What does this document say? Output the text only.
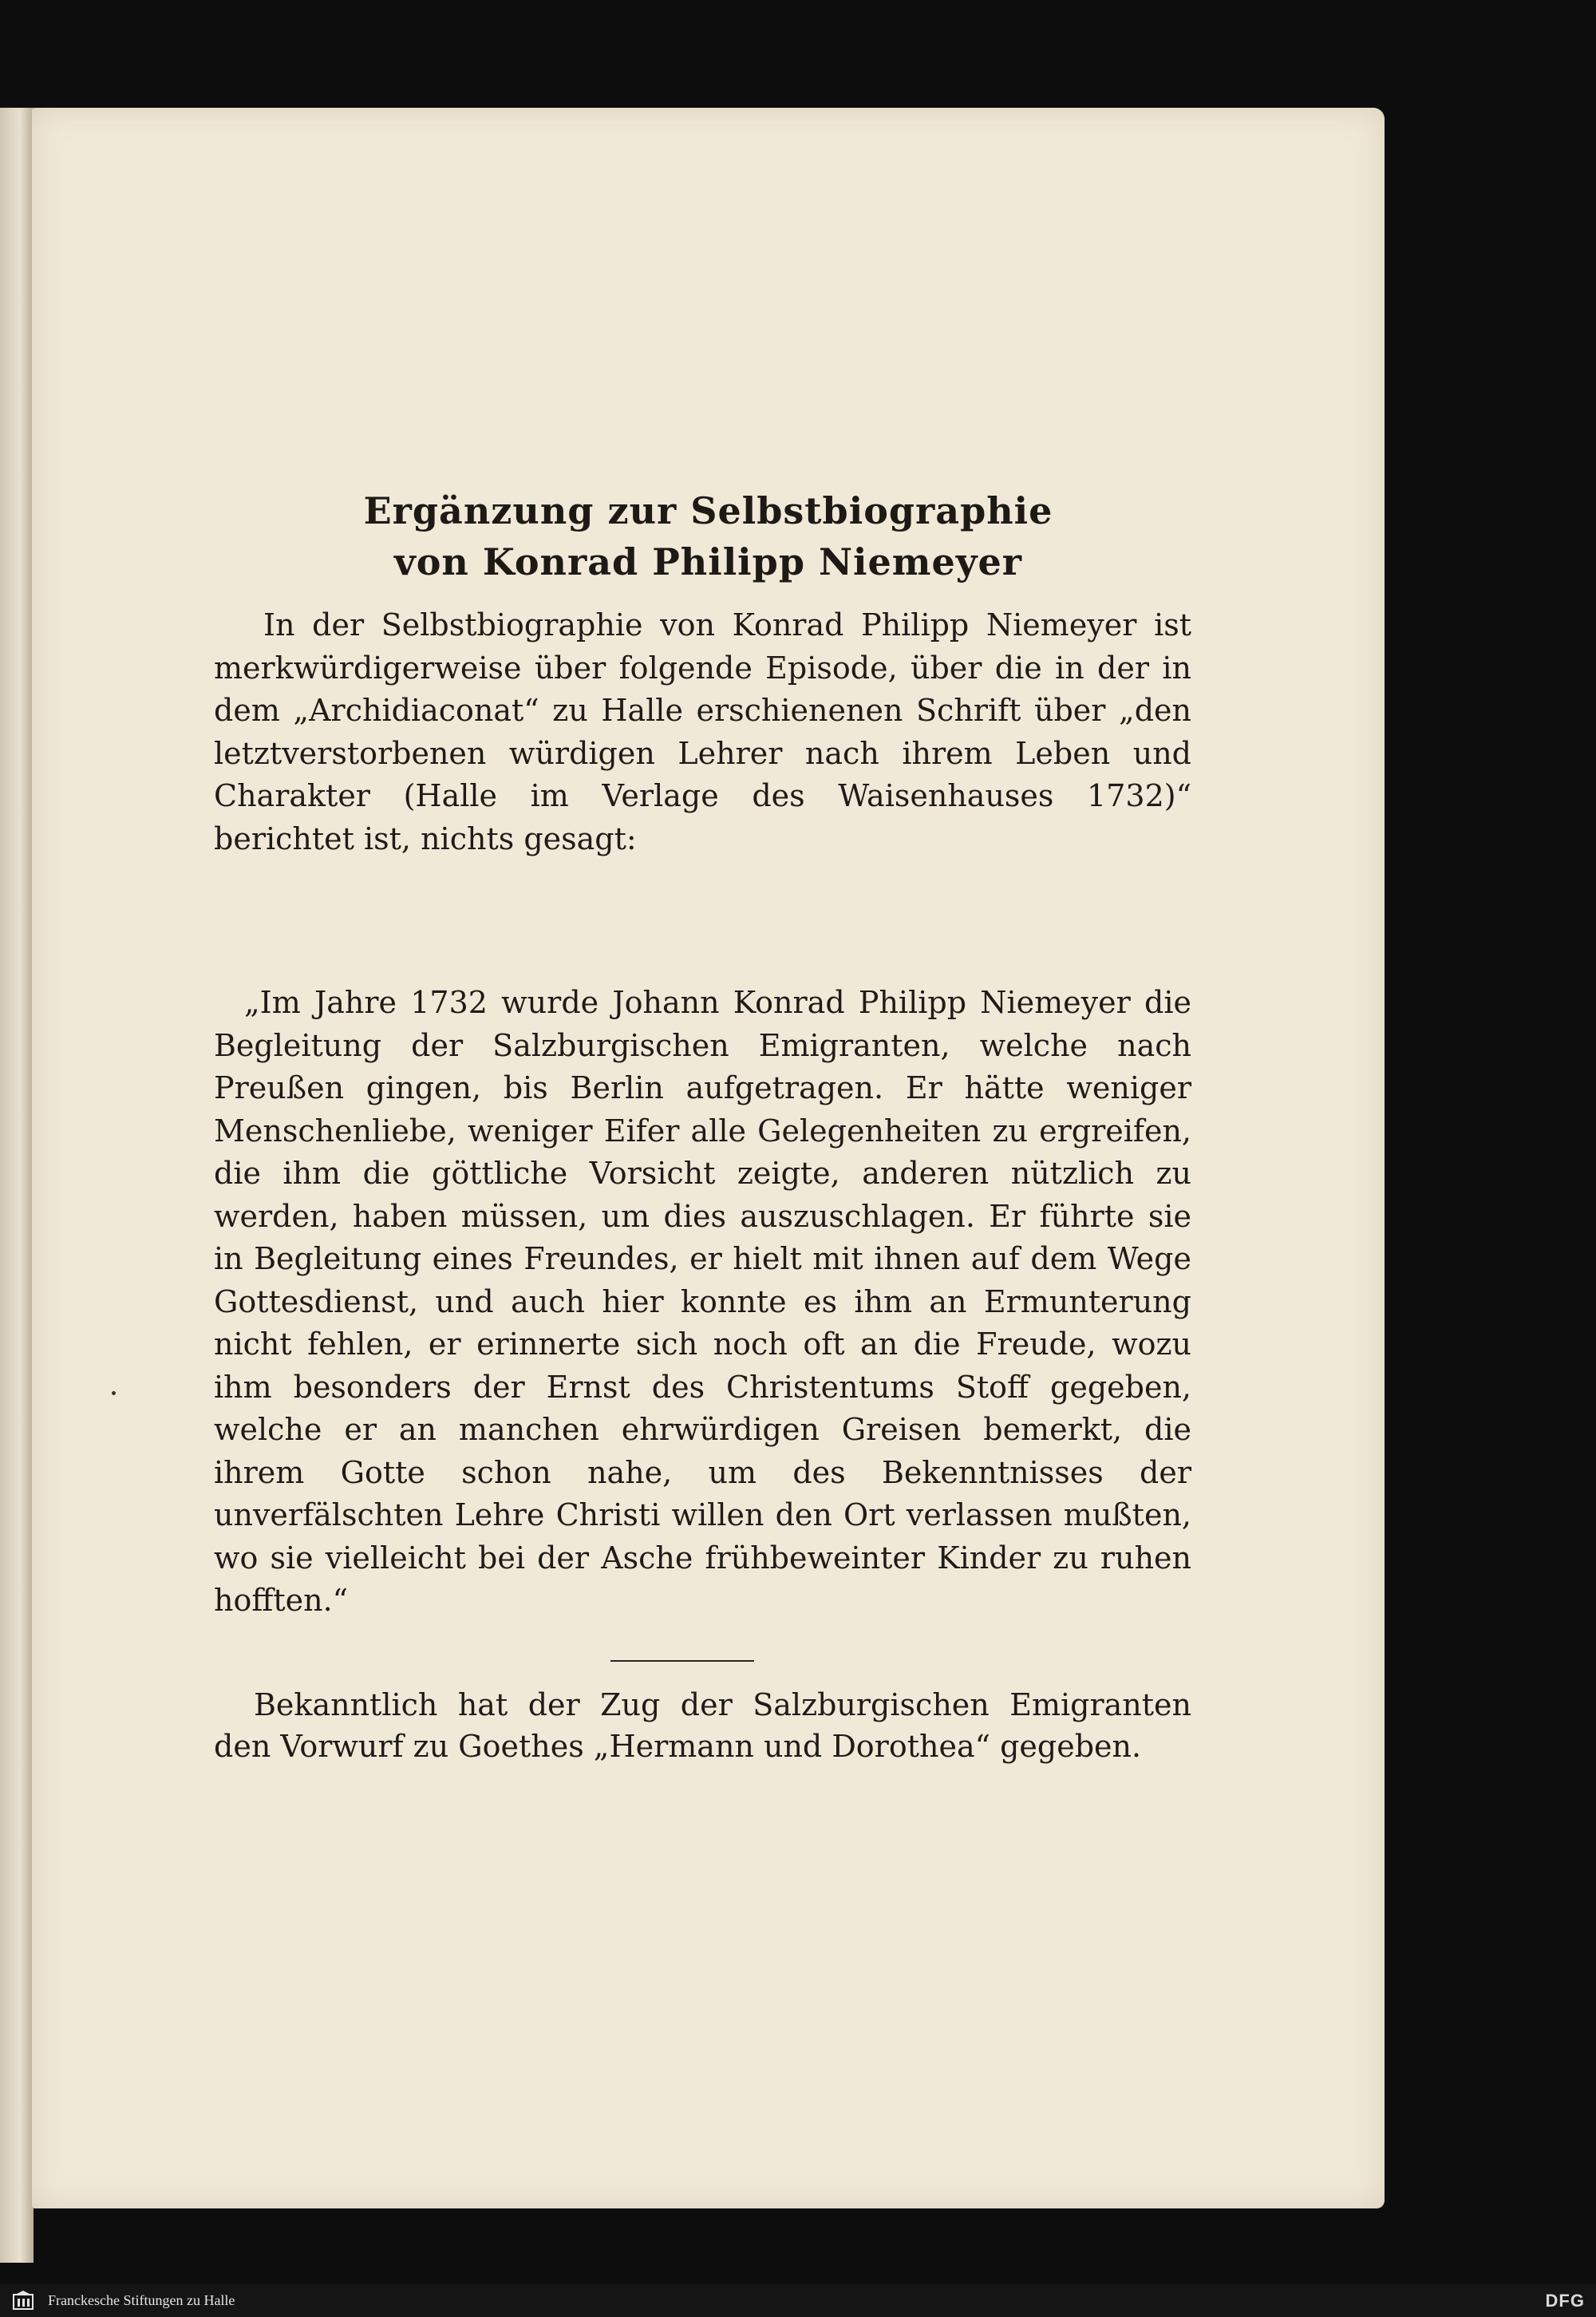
Ergänzung zur Selbstbiographie
von Konrad Philipp Niemeyer
In der Selbstbiographie von Konrad Philipp Niemeyer ist merkwürdigerweise über folgende Episode, über die in der in dem „Archidiaconat“ zu Halle erschienenen Schrift über „den letztverstorbenen würdigen Lehrer nach ihrem Leben und Charakter (Halle im Verlage des Waisenhauses 1732)“ berichtet ist, nichts gesagt:
„Im Jahre 1732 wurde Johann Konrad Philipp Niemeyer die Begleitung der Salzburgischen Emigranten, welche nach Preußen gingen, bis Berlin aufgetragen. Er hätte weniger Menschenliebe, weniger Eifer alle Gelegenheiten zu ergreifen, die ihm die göttliche Vorsicht zeigte, anderen nützlich zu werden, haben müssen, um dies auszuschlagen. Er führte sie in Begleitung eines Freundes, er hielt mit ihnen auf dem Wege Gottesdienst, und auch hier konnte es ihm an Ermunterung nicht fehlen, er erinnerte sich noch oft an die Freude, wozu ihm besonders der Ernst des Christentums Stoff gegeben, welche er an manchen ehrwürdigen Greisen bemerkt, die ihrem Gotte schon nahe, um des Bekenntnisses der unverfälschten Lehre Christi willen den Ort verlassen mußten, wo sie vielleicht bei der Asche frühbeweinter Kinder zu ruhen hofften.“
Bekanntlich hat der Zug der Salzburgischen Emigranten den Vorwurf zu Goethes „Hermann und Dorothea“ gegeben.
Franckesche Stiftungen zu Halle	DFG
